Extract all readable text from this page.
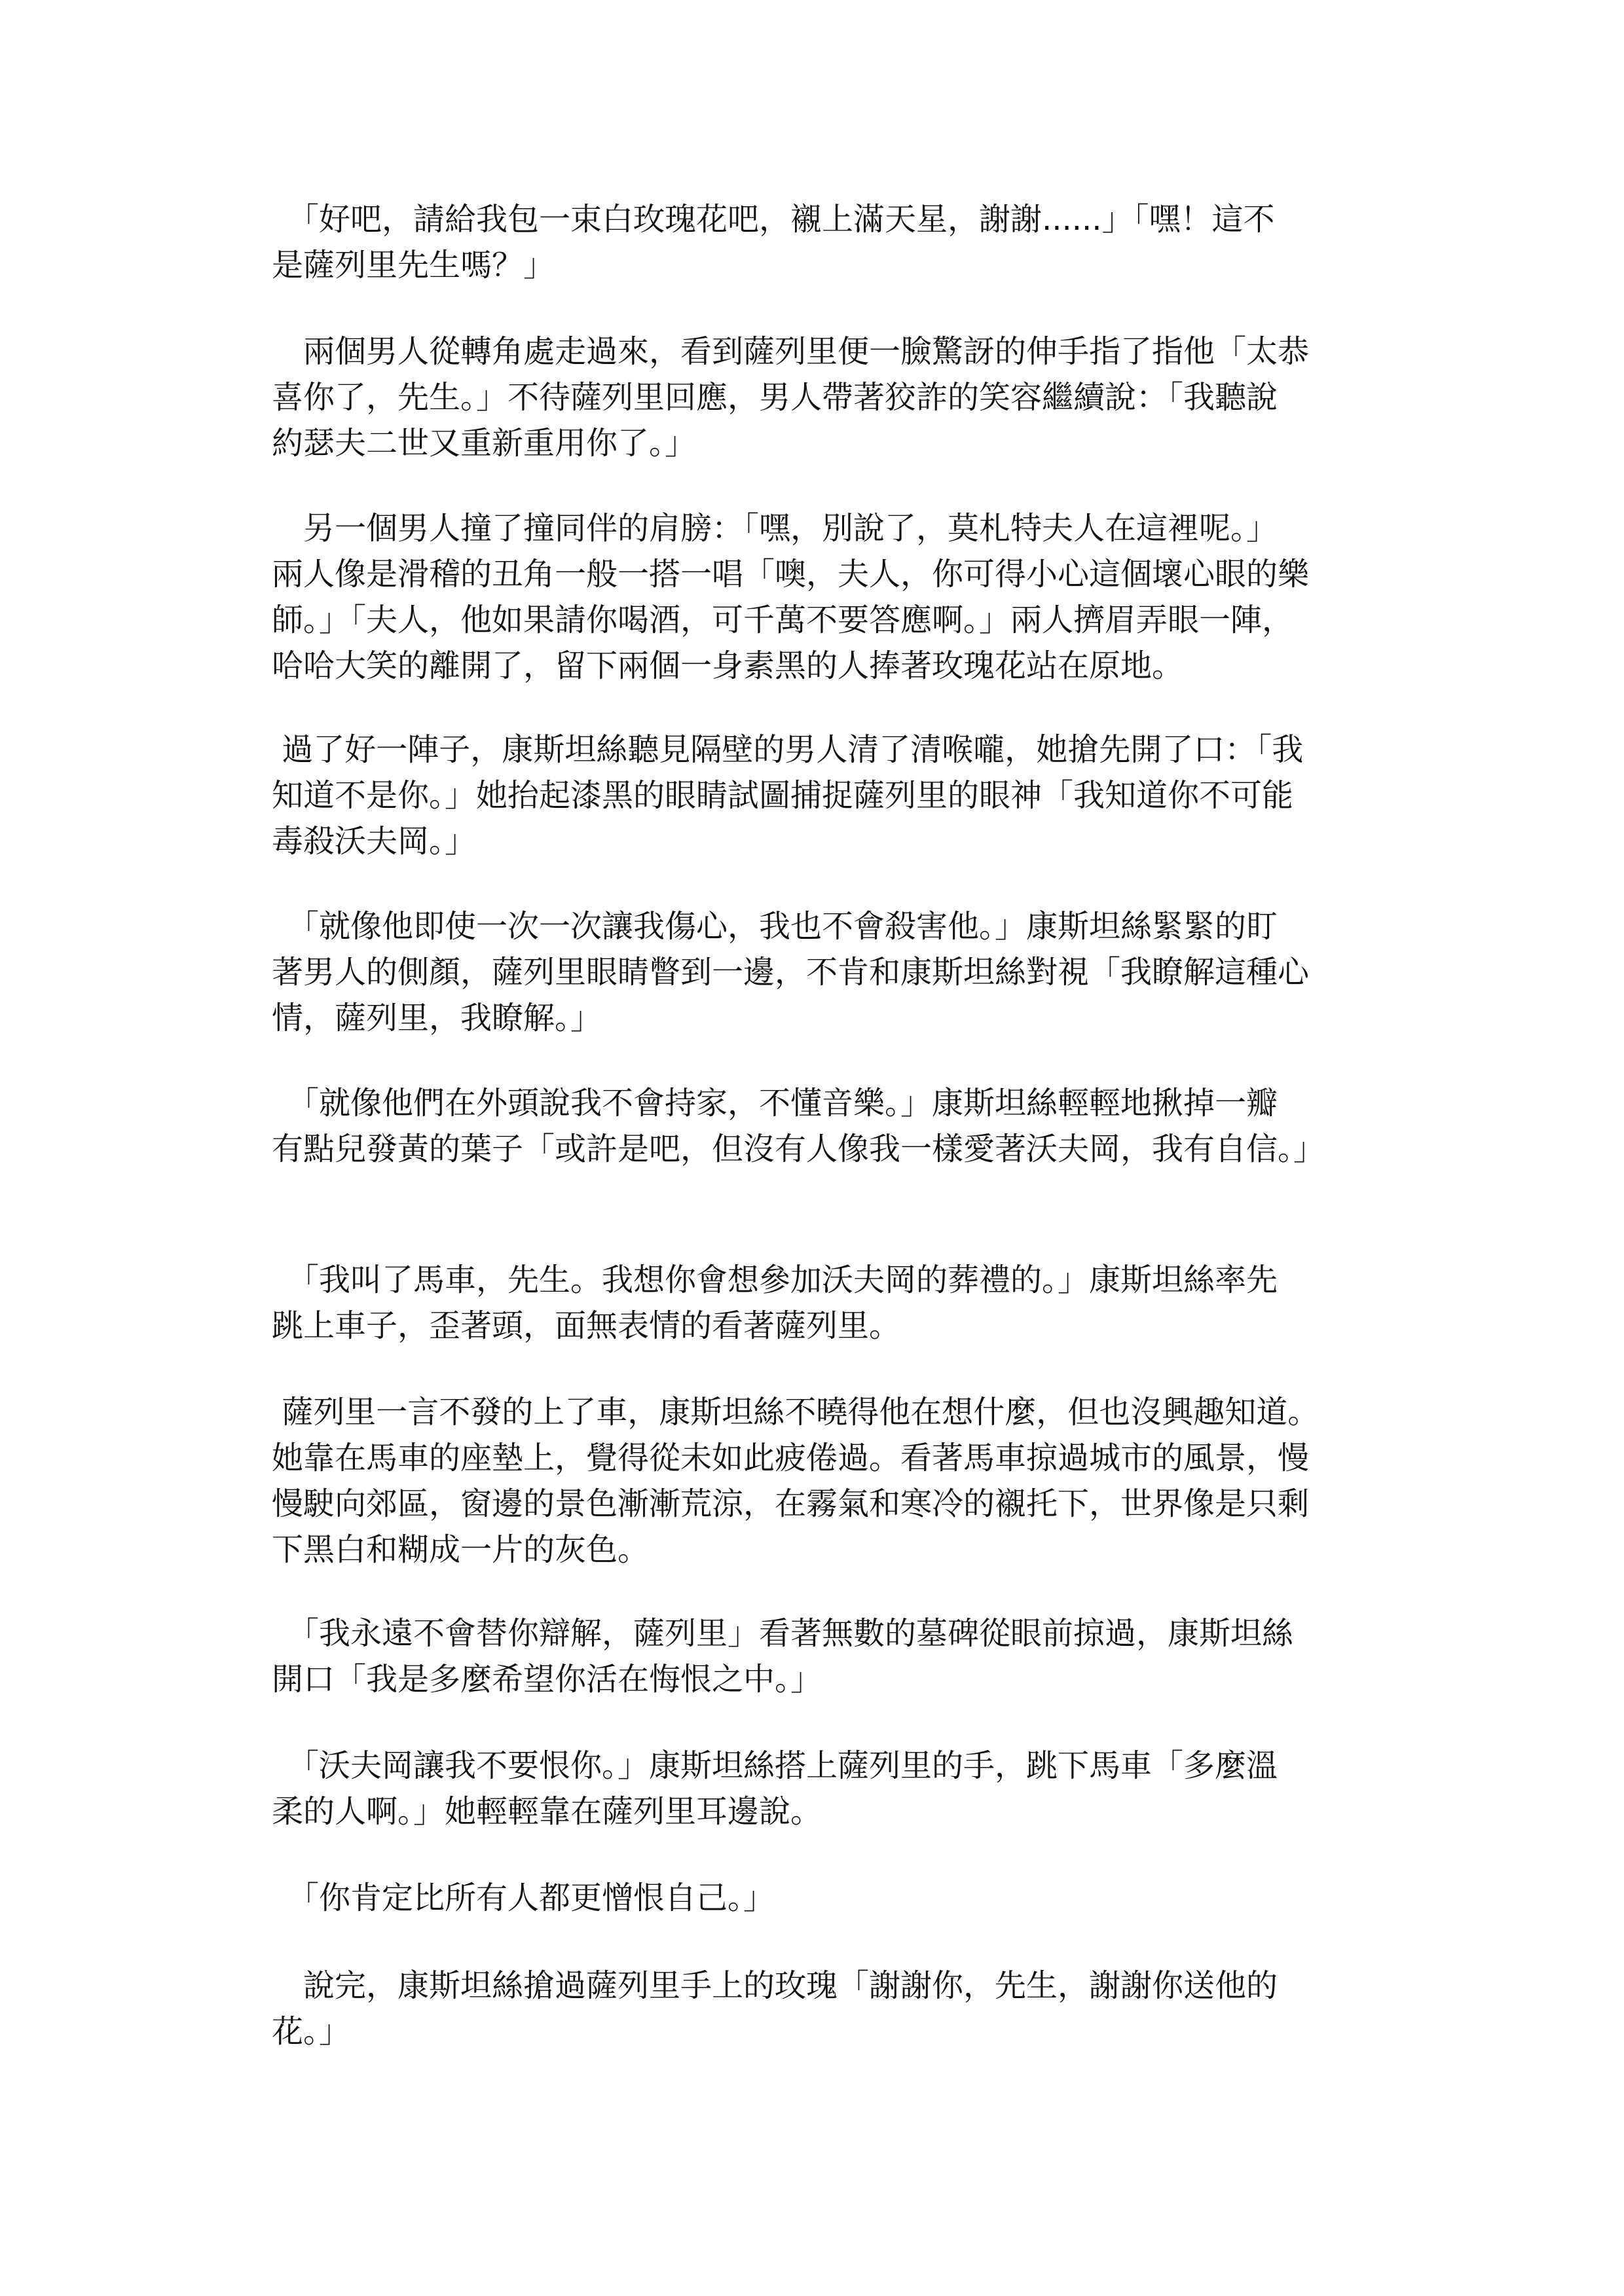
　「好吧，請給我包一束白玫瑰花吧，襯上滿天星，謝謝......」「嘿！這不
是薩列里先生嗎？」

　兩個男人從轉角處走過來，看到薩列里便一臉驚訝的伸手指了指他「太恭
喜你了，先生。」不待薩列里回應，男人帶著狡詐的笑容繼續說：「我聽說
約瑟夫二世又重新重用你了。」

　另一個男人撞了撞同伴的肩膀：「嘿，別說了，莫札特夫人在這裡呢。」
兩人像是滑稽的丑角一般一搭一唱「噢，夫人，你可得小心這個壞心眼的樂
師。」「夫人，他如果請你喝酒，可千萬不要答應啊。」兩人擠眉弄眼一陣，
哈哈大笑的離開了，留下兩個一身素黑的人捧著玫瑰花站在原地。

過了好一陣子，康斯坦絲聽見隔壁的男人清了清喉嚨，她搶先開了口：「我
知道不是你。」她抬起漆黑的眼睛試圖捕捉薩列里的眼神「我知道你不可能
毒殺沃夫岡。」

　「就像他即使一次一次讓我傷心，我也不會殺害他。」康斯坦絲緊緊的盯
著男人的側顏，薩列里眼睛瞥到一邊，不肯和康斯坦絲對視「我瞭解這種心
情，薩列里，我瞭解。」

　「就像他們在外頭說我不會持家，不懂音樂。」康斯坦絲輕輕地揪掉一瓣
有點兒發黃的葉子「或許是吧，但沒有人像我一樣愛著沃夫岡，我有自信。」

　「我叫了馬車，先生。我想你會想參加沃夫岡的葬禮的。」康斯坦絲率先
跳上車子，歪著頭，面無表情的看著薩列里。

薩列里一言不發的上了車，康斯坦絲不曉得他在想什麼，但也沒興趣知道。
她靠在馬車的座墊上，覺得從未如此疲倦過。看著馬車掠過城市的風景，慢
慢駛向郊區，窗邊的景色漸漸荒涼，在霧氣和寒冷的襯托下，世界像是只剩
下黑白和糊成一片的灰色。

　「我永遠不會替你辯解，薩列里」看著無數的墓碑從眼前掠過，康斯坦絲
開口「我是多麼希望你活在悔恨之中。」

　「沃夫岡讓我不要恨你。」康斯坦絲搭上薩列里的手，跳下馬車「多麼溫
柔的人啊。」她輕輕靠在薩列里耳邊說。

　「你肯定比所有人都更憎恨自己。」

　說完，康斯坦絲搶過薩列里手上的玫瑰「謝謝你，先生，謝謝你送他的
花。」
